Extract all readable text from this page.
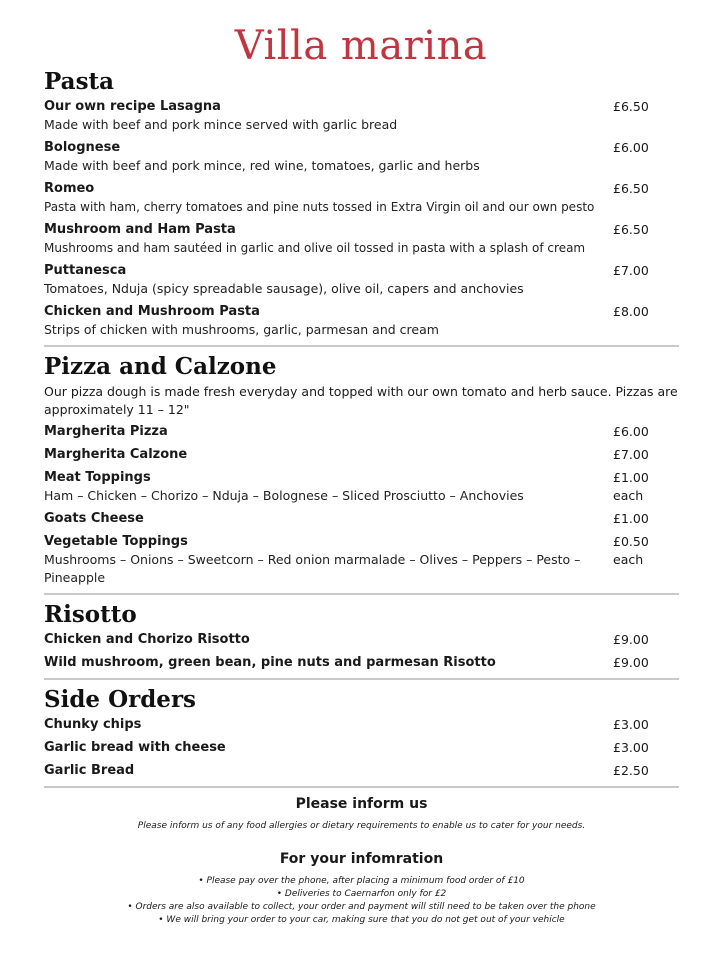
Villa marina
Pasta
Our own recipe Lasagna
Made with beef and pork mince served with garlic bread
£6.50
Bolognese
Made with beef and pork mince, red wine, tomatoes, garlic and herbs
£6.00
Romeo
Pasta with ham, cherry tomatoes and pine nuts tossed in Extra Virgin oil and our own pesto
£6.50
Mushroom and Ham Pasta
Mushrooms and ham sautéed in garlic and olive oil tossed in pasta with a splash of cream
£6.50
Puttanesca
Tomatoes, Nduja (spicy spreadable sausage), olive oil, capers and anchovies
£7.00
Chicken and Mushroom Pasta
Strips of chicken with mushrooms, garlic, parmesan and cream
£8.00
Pizza and Calzone
Our pizza dough is made fresh everyday and topped with our own tomato and herb sauce. Pizzas are approximately 11 – 12"
Margherita Pizza	£6.00
Margherita Calzone	£7.00
Meat Toppings
Ham – Chicken – Chorizo – Nduja – Bolognese – Sliced Prosciutto – Anchovies
£1.00
each
Goats Cheese	£1.00
Vegetable Toppings
Mushrooms – Onions – Sweetcorn – Red onion marmalade – Olives – Peppers – Pesto – Pineapple
£0.50
each
Risotto
Chicken and Chorizo Risotto	£9.00
Wild mushroom, green bean, pine nuts and parmesan Risotto	£9.00
Side Orders
Chunky chips	£3.00
Garlic bread with cheese	£3.00
Garlic Bread	£2.50
Please inform us
Please inform us of any food allergies or dietary requirements to enable us to cater for your needs.
For your infomration
• Please pay over the phone, after placing a minimum food order of £10
• Deliveries to Caernarfon only for £2
• Orders are also available to collect, your order and payment will still need to be taken over the phone
• We will bring your order to your car, making sure that you do not get out of your vehicle
